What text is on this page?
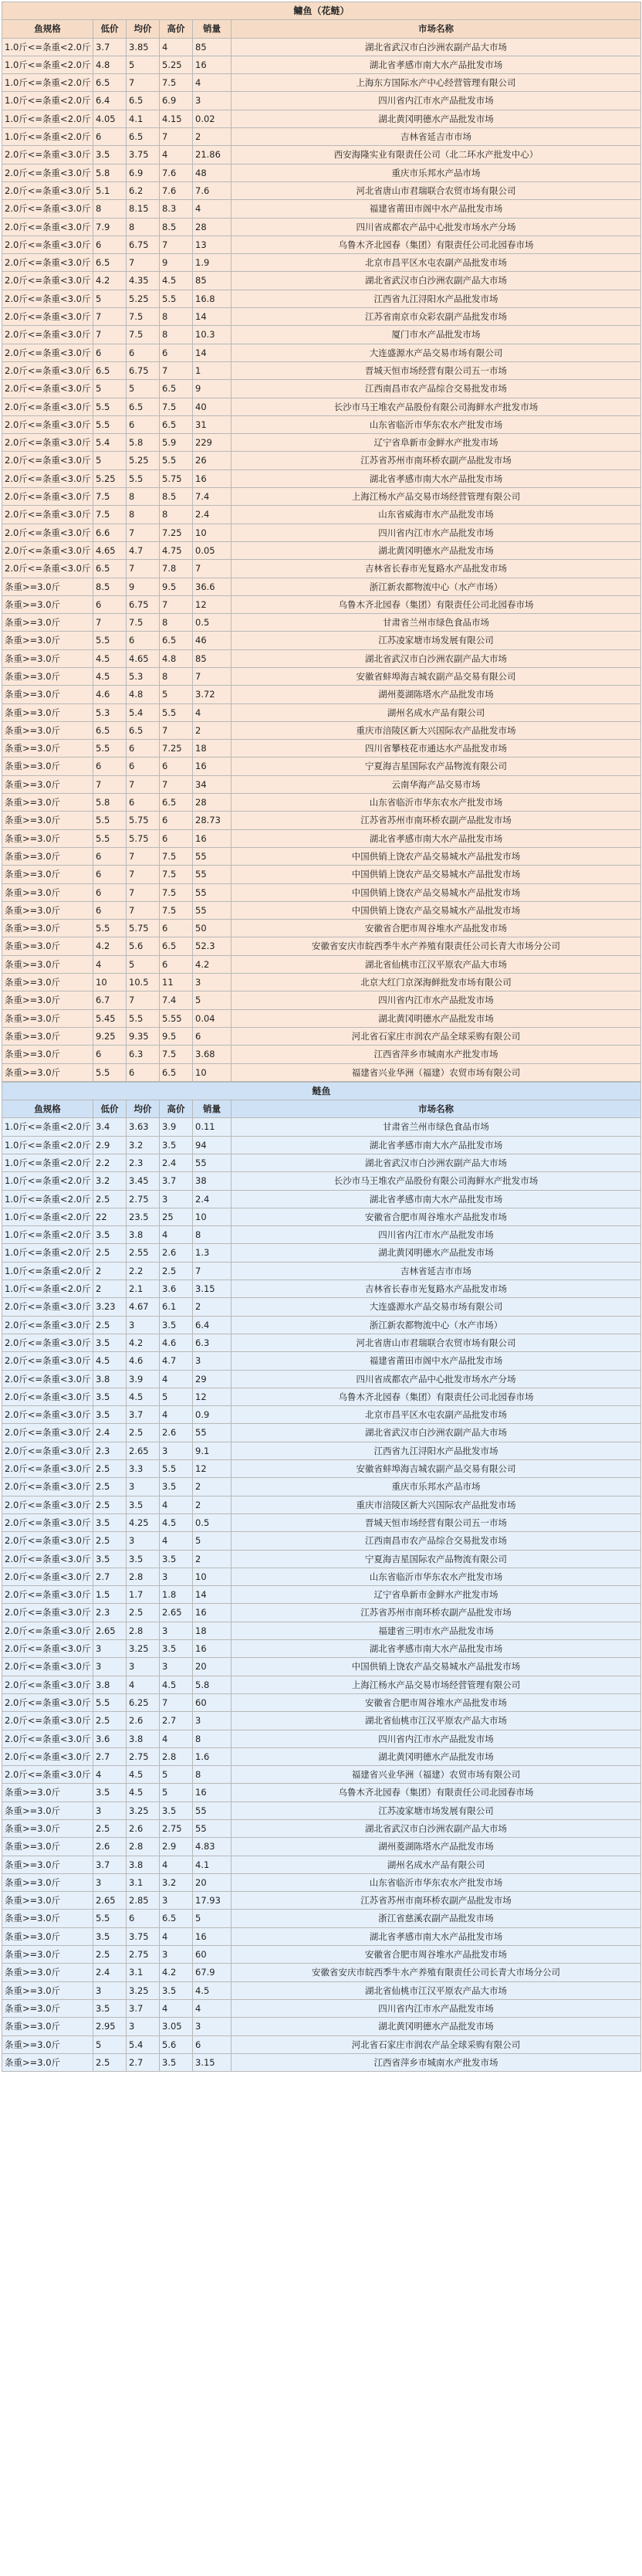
鳙鱼（花鲢）					
鱼规格	低价	均价	高价	销量	市场名称
1.0斤<=条重<2.0斤	3.7	3.85	4	85	湖北省武汉市白沙洲农副产品大市场
1.0斤<=条重<2.0斤	4.8	5	5.25	16	湖北省孝感市南大水产品批发市场
1.0斤<=条重<2.0斤	6.5	7	7.5	4	上海东方国际水产中心经营管理有限公司
1.0斤<=条重<2.0斤	6.4	6.5	6.9	3	四川省内江市水产品批发市场
1.0斤<=条重<2.0斤	4.05	4.1	4.15	0.02	湖北黄冈明德水产品批发市场
1.0斤<=条重<2.0斤	6	6.5	7	2	吉林省延吉市市场
2.0斤<=条重<3.0斤	3.5	3.75	4	21.86	西安海隆实业有限责任公司（北二环水产批发中心）
2.0斤<=条重<3.0斤	5.8	6.9	7.6	48	重庆市乐邦水产品市场
2.0斤<=条重<3.0斤	5.1	6.2	7.6	7.6	河北省唐山市君瑞联合农贸市场有限公司
2.0斤<=条重<3.0斤	8	8.15	8.3	4	福建省莆田市阁中水产品批发市场
2.0斤<=条重<3.0斤	7.9	8	8.5	28	四川省成都农产品中心批发市场水产分场
2.0斤<=条重<3.0斤	6	6.75	7	13	乌鲁木齐北园春（集团）有限责任公司北园春市场
2.0斤<=条重<3.0斤	6.5	7	9	1.9	北京市昌平区水屯农副产品批发市场
2.0斤<=条重<3.0斤	4.2	4.35	4.5	85	湖北省武汉市白沙洲农副产品大市场
2.0斤<=条重<3.0斤	5	5.25	5.5	16.8	江西省九江浔阳水产品批发市场
2.0斤<=条重<3.0斤	7	7.5	8	14	江苏省南京市众彩农副产品批发市场
2.0斤<=条重<3.0斤	7	7.5	8	10.3	厦门市水产品批发市场
2.0斤<=条重<3.0斤	6	6	6	14	大连盛源水产品交易市场有限公司
2.0斤<=条重<3.0斤	6.5	6.75	7	1	晋城天恒市场经营有限公司五一市场
2.0斤<=条重<3.0斤	5	5	6.5	9	江西南昌市农产品综合交易批发市场
2.0斤<=条重<3.0斤	5.5	6.5	7.5	40	长沙市马王堆农产品股份有限公司海鲜水产批发市场
2.0斤<=条重<3.0斤	5.5	6	6.5	31	山东省临沂市华东农水产批发市场
2.0斤<=条重<3.0斤	5.4	5.8	5.9	229	辽宁省阜新市金鲜水产批发市场
2.0斤<=条重<3.0斤	5	5.25	5.5	26	江苏省苏州市南环桥农副产品批发市场
2.0斤<=条重<3.0斤	5.25	5.5	5.75	16	湖北省孝感市南大水产品批发市场
2.0斤<=条重<3.0斤	7.5	8	8.5	7.4	上海江杨水产品交易市场经营管理有限公司
2.0斤<=条重<3.0斤	7.5	8	8	2.4	山东省威海市水产品批发市场
2.0斤<=条重<3.0斤	6.6	7	7.25	10	四川省内江市水产品批发市场
2.0斤<=条重<3.0斤	4.65	4.7	4.75	0.05	湖北黄冈明德水产品批发市场
2.0斤<=条重<3.0斤	6.5	7	7.8	7	吉林省长春市光复路水产品批发市场
条重>=3.0斤	8.5	9	9.5	36.6	浙江新农都物流中心（水产市场）
条重>=3.0斤	6	6.75	7	12	乌鲁木齐北园春（集团）有限责任公司北园春市场
条重>=3.0斤	7	7.5	8	0.5	甘肃省兰州市绿色食品市场
条重>=3.0斤	5.5	6	6.5	46	江苏凌家塘市场发展有限公司
条重>=3.0斤	4.5	4.65	4.8	85	湖北省武汉市白沙洲农副产品大市场
条重>=3.0斤	4.5	5.3	8	7	安徽省蚌埠海吉城农副产品交易有限公司
条重>=3.0斤	4.6	4.8	5	3.72	湖州菱湖陈塔水产品批发市场
条重>=3.0斤	5.3	5.4	5.5	4	湖州名成水产品有限公司
条重>=3.0斤	6.5	6.5	7	2	重庆市涪陵区新大兴国际农产品批发市场
条重>=3.0斤	5.5	6	7.25	18	四川省攀枝花市通达水产品批发市场
条重>=3.0斤	6	6	6	16	宁夏海吉星国际农产品物流有限公司
条重>=3.0斤	7	7	7	34	云南华海产品交易市场
条重>=3.0斤	5.8	6	6.5	28	山东省临沂市华东农水产批发市场
条重>=3.0斤	5.5	5.75	6	28.73	江苏省苏州市南环桥农副产品批发市场
条重>=3.0斤	5.5	5.75	6	16	湖北省孝感市南大水产品批发市场
条重>=3.0斤	6	7	7.5	55	中国供销上饶农产品交易城水产品批发市场
条重>=3.0斤	6	7	7.5	55	中国供销上饶农产品交易城水产品批发市场
条重>=3.0斤	6	7	7.5	55	中国供销上饶农产品交易城水产品批发市场
条重>=3.0斤	6	7	7.5	55	中国供销上饶农产品交易城水产品批发市场
条重>=3.0斤	5.5	5.75	6	50	安徽省合肥市周谷堆水产品批发市场
条重>=3.0斤	4.2	5.6	6.5	52.3	安徽省安庆市皖西季牛水产养殖有限责任公司长青大市场分公司
条重>=3.0斤	4	5	6	4.2	湖北省仙桃市江汉平原农产品大市场
条重>=3.0斤	10	10.5	11	3	北京大红门京深海鲜批发市场有限公司
条重>=3.0斤	6.7	7	7.4	5	四川省内江市水产品批发市场
条重>=3.0斤	5.45	5.5	5.55	0.04	湖北黄冈明德水产品批发市场
条重>=3.0斤	9.25	9.35	9.5	6	河北省石家庄市润农产品全球采购有限公司
条重>=3.0斤	6	6.3	7.5	3.68	江西省萍乡市城南水产批发市场
条重>=3.0斤	5.5	6	6.5	10	福建省兴业华洲（福建）农贸市场有限公司
鲢鱼					
鱼规格	低价	均价	高价	销量	市场名称
1.0斤<=条重<2.0斤	3.4	3.63	3.9	0.11	甘肃省兰州市绿色食品市场
1.0斤<=条重<2.0斤	2.9	3.2	3.5	94	湖北省孝感市南大水产品批发市场
1.0斤<=条重<2.0斤	2.2	2.3	2.4	55	湖北省武汉市白沙洲农副产品大市场
1.0斤<=条重<2.0斤	3.2	3.45	3.7	38	长沙市马王堆农产品股份有限公司海鲜水产批发市场
1.0斤<=条重<2.0斤	2.5	2.75	3	2.4	湖北省孝感市南大水产品批发市场
1.0斤<=条重<2.0斤	22	23.5	25	10	安徽省合肥市周谷堆水产品批发市场
1.0斤<=条重<2.0斤	3.5	3.8	4	8	四川省内江市水产品批发市场
1.0斤<=条重<2.0斤	2.5	2.55	2.6	1.3	湖北黄冈明德水产品批发市场
1.0斤<=条重<2.0斤	2	2.2	2.5	7	吉林省延吉市市场
1.0斤<=条重<2.0斤	2	2.1	3.6	3.15	吉林省长春市光复路水产品批发市场
2.0斤<=条重<3.0斤	3.23	4.67	6.1	2	大连盛源水产品交易市场有限公司
2.0斤<=条重<3.0斤	2.5	3	3.5	6.4	浙江新农都物流中心（水产市场）
2.0斤<=条重<3.0斤	3.5	4.2	4.6	6.3	河北省唐山市君瑞联合农贸市场有限公司
2.0斤<=条重<3.0斤	4.5	4.6	4.7	3	福建省莆田市阁中水产品批发市场
2.0斤<=条重<3.0斤	3.8	3.9	4	29	四川省成都农产品中心批发市场水产分场
2.0斤<=条重<3.0斤	3.5	4.5	5	12	乌鲁木齐北园春（集团）有限责任公司北园春市场
2.0斤<=条重<3.0斤	3.5	3.7	4	0.9	北京市昌平区水屯农副产品批发市场
2.0斤<=条重<3.0斤	2.4	2.5	2.6	55	湖北省武汉市白沙洲农副产品大市场
2.0斤<=条重<3.0斤	2.3	2.65	3	9.1	江西省九江浔阳水产品批发市场
2.0斤<=条重<3.0斤	2.5	3.3	5.5	12	安徽省蚌埠海吉城农副产品交易有限公司
2.0斤<=条重<3.0斤	2.5	3	3.5	2	重庆市乐邦水产品市场
2.0斤<=条重<3.0斤	2.5	3.5	4	2	重庆市涪陵区新大兴国际农产品批发市场
2.0斤<=条重<3.0斤	3.5	4.25	4.5	0.5	晋城天恒市场经营有限公司五一市场
2.0斤<=条重<3.0斤	2.5	3	4	5	江西南昌市农产品综合交易批发市场
2.0斤<=条重<3.0斤	3.5	3.5	3.5	2	宁夏海吉星国际农产品物流有限公司
2.0斤<=条重<3.0斤	2.7	2.8	3	10	山东省临沂市华东农水产批发市场
2.0斤<=条重<3.0斤	1.5	1.7	1.8	14	辽宁省阜新市金鲜水产批发市场
2.0斤<=条重<3.0斤	2.3	2.5	2.65	16	江苏省苏州市南环桥农副产品批发市场
2.0斤<=条重<3.0斤	2.65	2.8	3	18	福建省三明市水产品批发市场
2.0斤<=条重<3.0斤	3	3.25	3.5	16	湖北省孝感市南大水产品批发市场
2.0斤<=条重<3.0斤	3	3	3	20	中国供销上饶农产品交易城水产品批发市场
2.0斤<=条重<3.0斤	3.8	4	4.5	5.8	上海江杨水产品交易市场经营管理有限公司
2.0斤<=条重<3.0斤	5.5	6.25	7	60	安徽省合肥市周谷堆水产品批发市场
2.0斤<=条重<3.0斤	2.5	2.6	2.7	3	湖北省仙桃市江汉平原农产品大市场
2.0斤<=条重<3.0斤	3.6	3.8	4	8	四川省内江市水产品批发市场
2.0斤<=条重<3.0斤	2.7	2.75	2.8	1.6	湖北黄冈明德水产品批发市场
2.0斤<=条重<3.0斤	4	4.5	5	8	福建省兴业华洲（福建）农贸市场有限公司
条重>=3.0斤	3.5	4.5	5	16	乌鲁木齐北园春（集团）有限责任公司北园春市场
条重>=3.0斤	3	3.25	3.5	55	江苏凌家塘市场发展有限公司
条重>=3.0斤	2.5	2.6	2.75	55	湖北省武汉市白沙洲农副产品大市场
条重>=3.0斤	2.6	2.8	2.9	4.83	湖州菱湖陈塔水产品批发市场
条重>=3.0斤	3.7	3.8	4	4.1	湖州名成水产品有限公司
条重>=3.0斤	3	3.1	3.2	20	山东省临沂市华东农水产批发市场
条重>=3.0斤	2.65	2.85	3	17.93	江苏省苏州市南环桥农副产品批发市场
条重>=3.0斤	5.5	6	6.5	5	浙江省慈溪农副产品批发市场
条重>=3.0斤	3.5	3.75	4	16	湖北省孝感市南大水产品批发市场
条重>=3.0斤	2.5	2.75	3	60	安徽省合肥市周谷堆水产品批发市场
条重>=3.0斤	2.4	3.1	4.2	67.9	安徽省安庆市皖西季牛水产养殖有限责任公司长青大市场分公司
条重>=3.0斤	3	3.25	3.5	4.5	湖北省仙桃市江汉平原农产品大市场
条重>=3.0斤	3.5	3.7	4	4	四川省内江市水产品批发市场
条重>=3.0斤	2.95	3	3.05	3	湖北黄冈明德水产品批发市场
条重>=3.0斤	5	5.4	5.6	6	河北省石家庄市润农产品全球采购有限公司
条重>=3.0斤	2.5	2.7	3.5	3.15	江西省萍乡市城南水产批发市场
